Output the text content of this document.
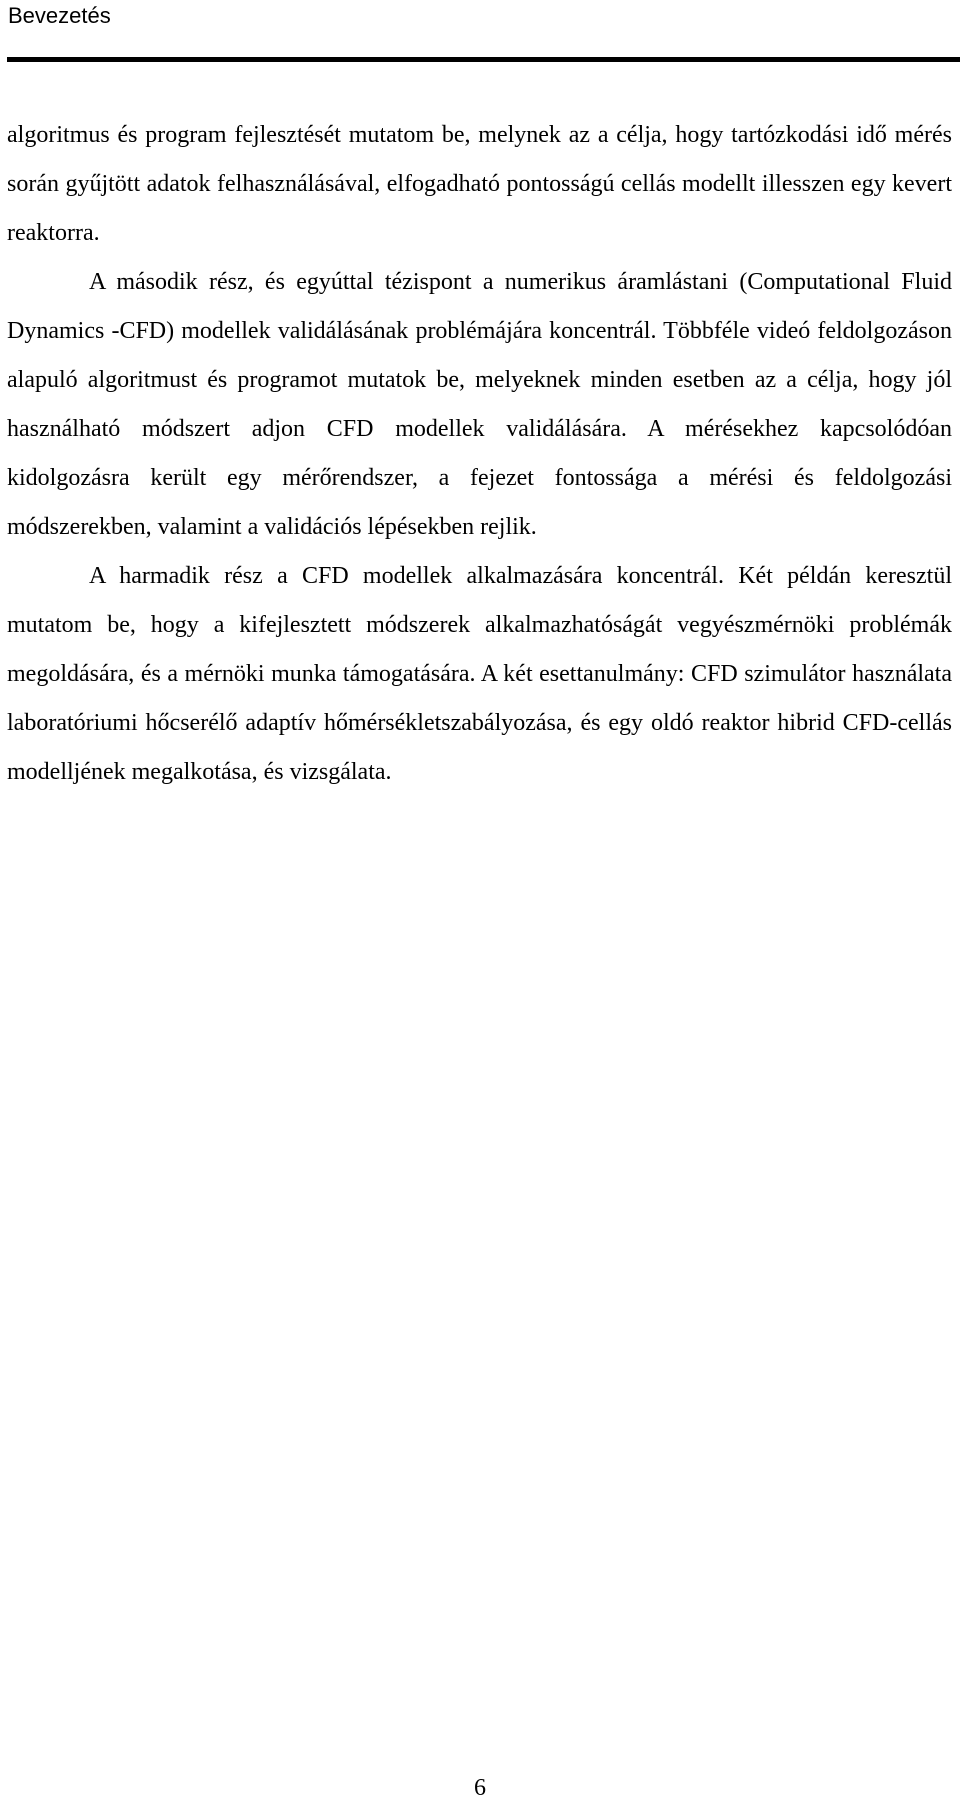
Bevezetés

algoritmus és program fejlesztését mutatom be, melynek az a célja, hogy tartózkodási idő mérés során gyűjtött adatok felhasználásával, elfogadható pontosságú cellás modellt illesszen egy kevert reaktorra.

A második rész, és egyúttal tézispont a numerikus áramlástani (Computational Fluid Dynamics -CFD) modellek validálásának problémájára koncentrál. Többféle videó feldolgozáson alapuló algoritmust és programot mutatok be, melyeknek minden esetben az a célja, hogy jól használható módszert adjon CFD modellek validálására. A mérésekhez kapcsolódóan kidolgozásra került egy mérőrendszer, a fejezet fontossága a mérési és feldolgozási módszerekben, valamint a validációs lépésekben rejlik.

A harmadik rész a CFD modellek alkalmazására koncentrál. Két példán keresztül mutatom be, hogy a kifejlesztett módszerek alkalmazhatóságát vegyészmérnöki problémák megoldására, és a mérnöki munka támogatására. A két esettanulmány: CFD szimulátor használata laboratóriumi hőcserélő adaptív hőmérsékletszabályozása, és egy oldó reaktor hibrid CFD-cellás modelljének megalkotása, és vizsgálata.

6
